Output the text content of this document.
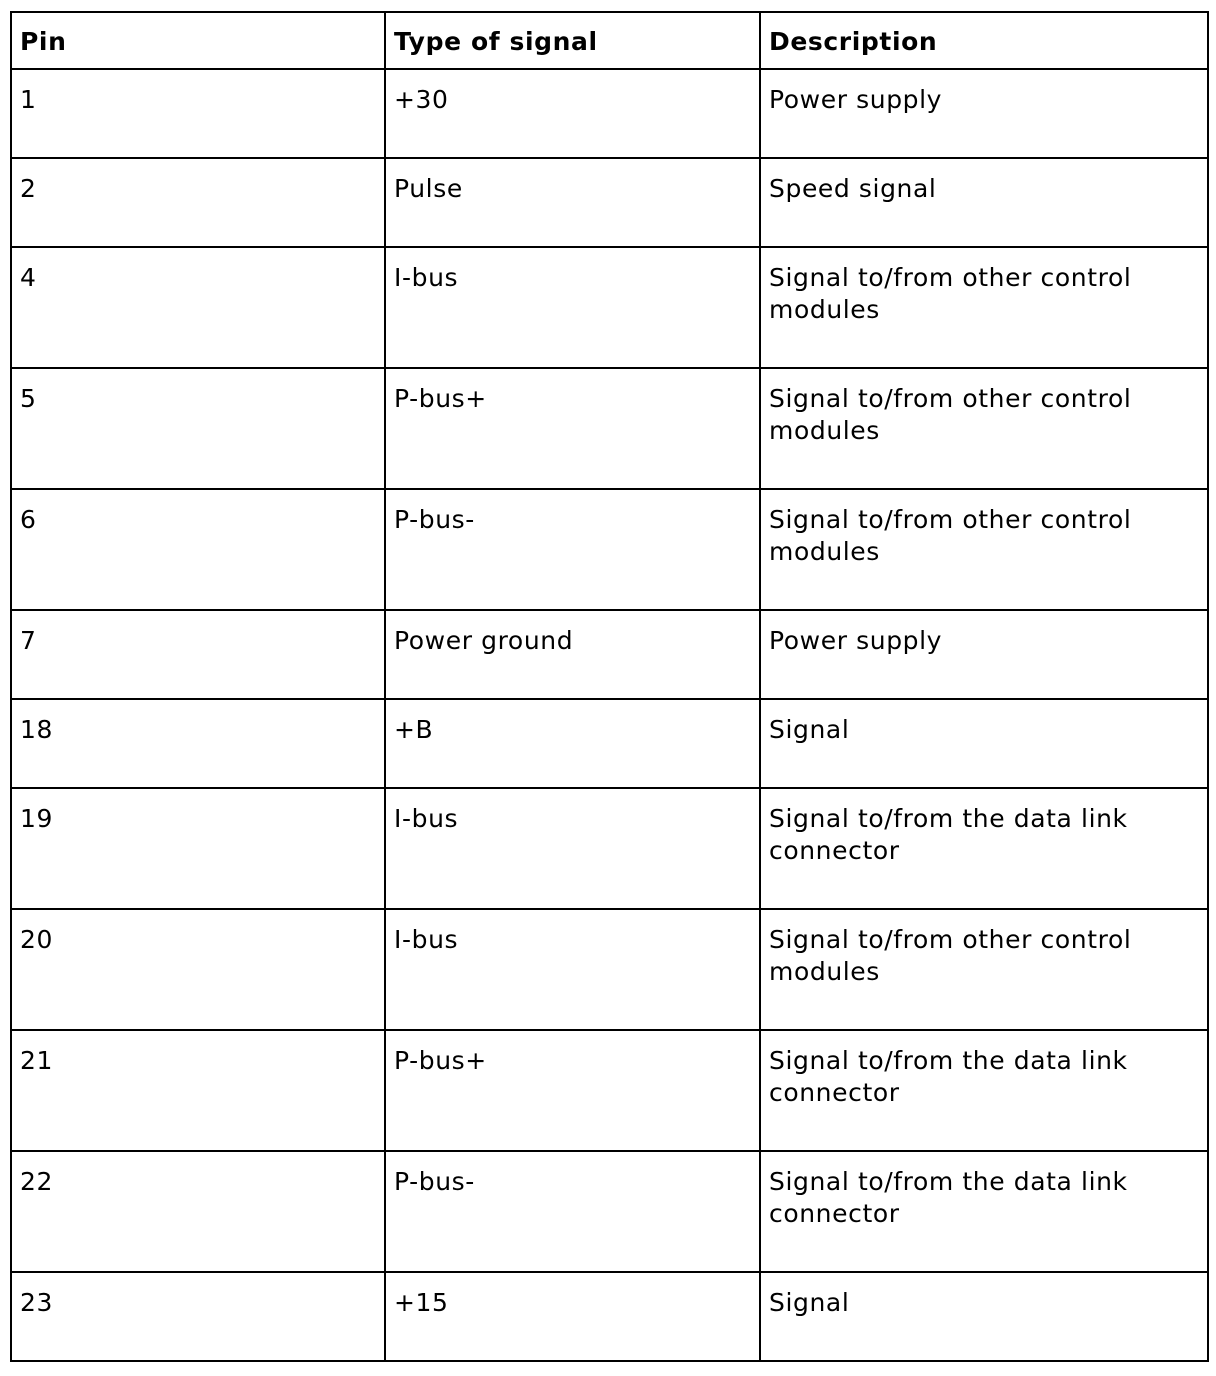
Pin	Type of signal	Description
1	+30	Power supply
2	Pulse	Speed signal
4	I-bus	Signal to/from other control modules
5	P-bus+	Signal to/from other control modules
6	P-bus-	Signal to/from other control modules
7	Power ground	Power supply
18	+B	Signal
19	I-bus	Signal to/from the data link connector
20	I-bus	Signal to/from other control modules
21	P-bus+	Signal to/from the data link connector
22	P-bus-	Signal to/from the data link connector
23	+15	Signal
